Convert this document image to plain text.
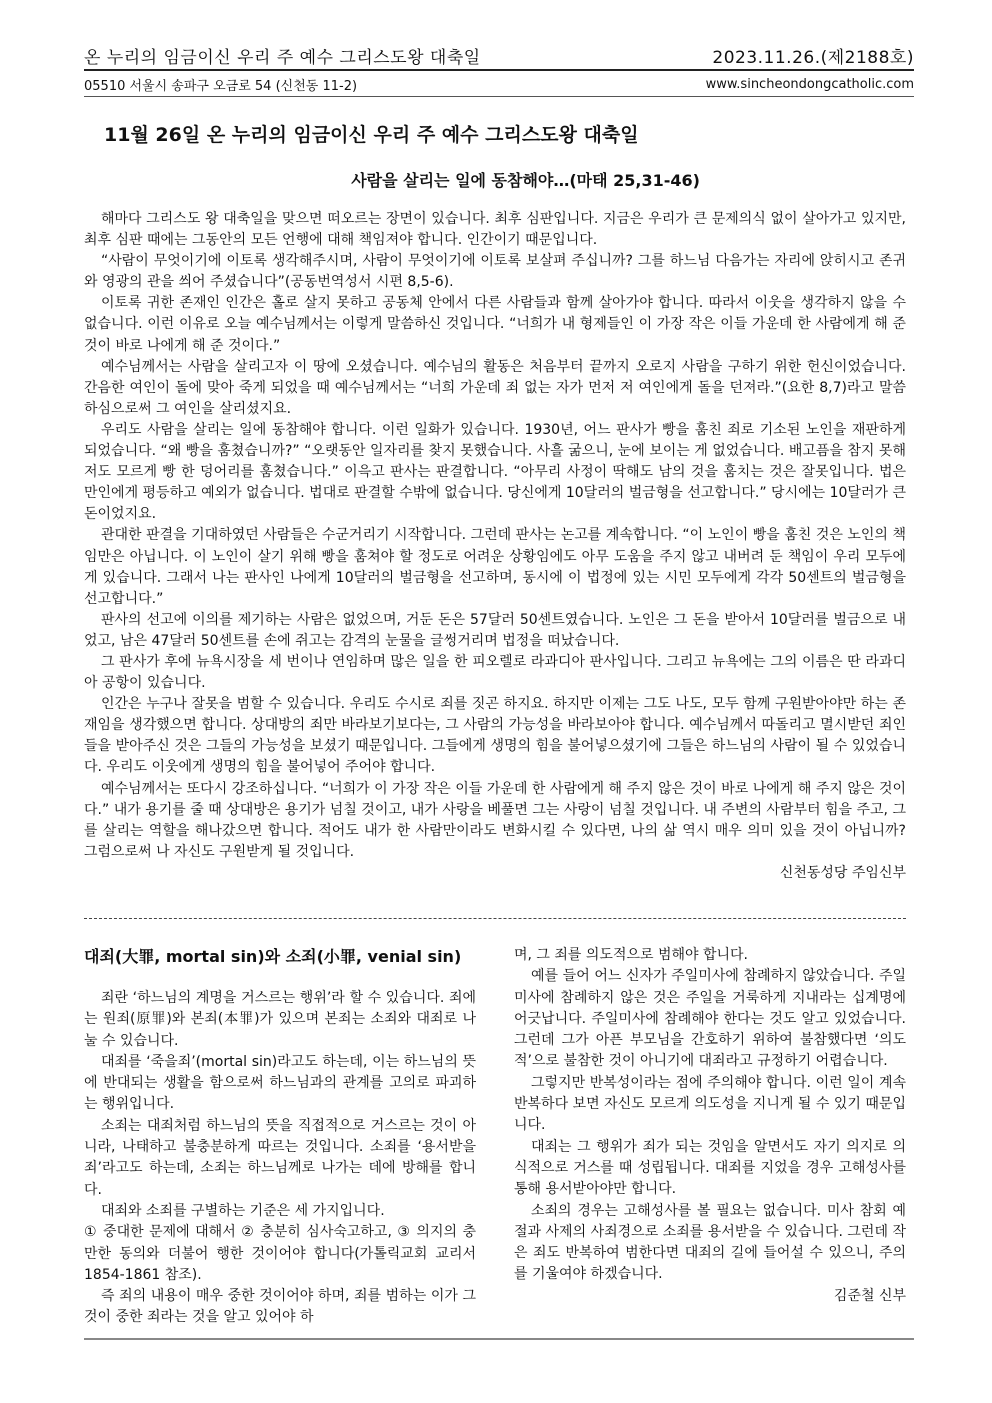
온 누리의 임금이신 우리 주 예수 그리스도왕 대축일	2023.11.26.(제2188호)
05510 서울시 송파구 오금로 54 (신천동 11-2)	www.sincheondongcatholic.com
11월 26일 온 누리의 임금이신 우리 주 예수 그리스도왕 대축일
사람을 살리는 일에 동참해야…(마태 25,31-46)

해마다 그리스도 왕 대축일을 맞으면 떠오르는 장면이 있습니다. 최후 심판입니다. 지금은 우리가 큰 문제의식 없이 살아가고 있지만, 최후 심판 때에는 그동안의 모든 언행에 대해 책임져야 합니다. 인간이기 때문입니다.

“사람이 무엇이기에 이토록 생각해주시며, 사람이 무엇이기에 이토록 보살펴 주십니까? 그를 하느님 다음가는 자리에 앉히시고 존귀와 영광의 관을 씌어 주셨습니다”(공동번역성서 시편 8,5-6).

이토록 귀한 존재인 인간은 홀로 살지 못하고 공동체 안에서 다른 사람들과 함께 살아가야 합니다. 따라서 이웃을 생각하지 않을 수 없습니다. 이런 이유로 오늘 예수님께서는 이렇게 말씀하신 것입니다. “너희가 내 형제들인 이 가장 작은 이들 가운데 한 사람에게 해 준 것이 바로 나에게 해 준 것이다.”

예수님께서는 사람을 살리고자 이 땅에 오셨습니다. 예수님의 활동은 처음부터 끝까지 오로지 사람을 구하기 위한 헌신이었습니다. 간음한 여인이 돌에 맞아 죽게 되었을 때 예수님께서는 “너희 가운데 죄 없는 자가 먼저 저 여인에게 돌을 던져라.”(요한 8,7)라고 말씀하심으로써 그 여인을 살리셨지요.

우리도 사람을 살리는 일에 동참해야 합니다. 이런 일화가 있습니다. 1930년, 어느 판사가 빵을 훔친 죄로 기소된 노인을 재판하게 되었습니다. “왜 빵을 훔쳤습니까?” “오랫동안 일자리를 찾지 못했습니다. 사흘 굶으니, 눈에 보이는 게 없었습니다. 배고픔을 참지 못해 저도 모르게 빵 한 덩어리를 훔쳤습니다.” 이윽고 판사는 판결합니다. “아무리 사정이 딱해도 남의 것을 훔치는 것은 잘못입니다. 법은 만인에게 평등하고 예외가 없습니다. 법대로 판결할 수밖에 없습니다. 당신에게 10달러의 벌금형을 선고합니다.” 당시에는 10달러가 큰돈이었지요.

관대한 판결을 기대하였던 사람들은 수군거리기 시작합니다. 그런데 판사는 논고를 계속합니다. “이 노인이 빵을 훔친 것은 노인의 책임만은 아닙니다. 이 노인이 살기 위해 빵을 훔쳐야 할 정도로 어려운 상황임에도 아무 도움을 주지 않고 내버려 둔 책임이 우리 모두에게 있습니다. 그래서 나는 판사인 나에게 10달러의 벌금형을 선고하며, 동시에 이 법정에 있는 시민 모두에게 각각 50센트의 벌금형을 선고합니다.”

판사의 선고에 이의를 제기하는 사람은 없었으며, 거둔 돈은 57달러 50센트였습니다. 노인은 그 돈을 받아서 10달러를 벌금으로 내었고, 남은 47달러 50센트를 손에 쥐고는 감격의 눈물을 글썽거리며 법정을 떠났습니다.

그 판사가 후에 뉴욕시장을 세 번이나 연임하며 많은 일을 한 피오렐로 라과디아 판사입니다. 그리고 뉴욕에는 그의 이름은 딴 라과디아 공항이 있습니다.

인간은 누구나 잘못을 범할 수 있습니다. 우리도 수시로 죄를 짓곤 하지요. 하지만 이제는 그도 나도, 모두 함께 구원받아야만 하는 존재임을 생각했으면 합니다. 상대방의 죄만 바라보기보다는, 그 사람의 가능성을 바라보아야 합니다. 예수님께서 따돌리고 멸시받던 죄인들을 받아주신 것은 그들의 가능성을 보셨기 때문입니다. 그들에게 생명의 힘을 불어넣으셨기에 그들은 하느님의 사람이 될 수 있었습니다. 우리도 이웃에게 생명의 힘을 불어넣어 주어야 합니다.

예수님께서는 또다시 강조하십니다. “너희가 이 가장 작은 이들 가운데 한 사람에게 해 주지 않은 것이 바로 나에게 해 주지 않은 것이다.” 내가 용기를 줄 때 상대방은 용기가 넘칠 것이고, 내가 사랑을 베풀면 그는 사랑이 넘칠 것입니다. 내 주변의 사람부터 힘을 주고, 그를 살리는 역할을 해나갔으면 합니다. 적어도 내가 한 사람만이라도 변화시킬 수 있다면, 나의 삶 역시 매우 의미 있을 것이 아닙니까? 그럼으로써 나 자신도 구원받게 될 것입니다.

신천동성당 주임신부

대죄(大罪, mortal sin)와 소죄(小罪, venial sin)

죄란 ‘하느님의 계명을 거스르는 행위’라 할 수 있습니다. 죄에는 원죄(原罪)와 본죄(本罪)가 있으며 본죄는 소죄와 대죄로 나눌 수 있습니다.

대죄를 ‘죽을죄’(mortal sin)라고도 하는데, 이는 하느님의 뜻에 반대되는 생활을 함으로써 하느님과의 관계를 고의로 파괴하는 행위입니다.

소죄는 대죄처럼 하느님의 뜻을 직접적으로 거스르는 것이 아니라, 나태하고 불충분하게 따르는 것입니다. 소죄를 ‘용서받을 죄’라고도 하는데, 소죄는 하느님께로 나가는 데에 방해를 합니다.

대죄와 소죄를 구별하는 기준은 세 가지입니다.

① 중대한 문제에 대해서 ② 충분히 심사숙고하고, ③ 의지의 충만한 동의와 더불어 행한 것이어야 합니다(가톨릭교회 교리서 1854-1861 참조).

즉 죄의 내용이 매우 중한 것이어야 하며, 죄를 범하는 이가 그것이 중한 죄라는 것을 알고 있어야 하

며, 그 죄를 의도적으로 범해야 합니다.

예를 들어 어느 신자가 주일미사에 참례하지 않았습니다. 주일미사에 참례하지 않은 것은 주일을 거룩하게 지내라는 십계명에 어긋납니다. 주일미사에 참례해야 한다는 것도 알고 있었습니다. 그런데 그가 아픈 부모님을 간호하기 위하여 불참했다면 ‘의도적’으로 불참한 것이 아니기에 대죄라고 규정하기 어렵습니다.

그렇지만 반복성이라는 점에 주의해야 합니다. 이런 일이 계속 반복하다 보면 자신도 모르게 의도성을 지니게 될 수 있기 때문입니다.

대죄는 그 행위가 죄가 되는 것임을 알면서도 자기 의지로 의식적으로 거스를 때 성립됩니다. 대죄를 지었을 경우 고해성사를 통해 용서받아야만 합니다.

소죄의 경우는 고해성사를 볼 필요는 없습니다. 미사 참회 예절과 사제의 사죄경으로 소죄를 용서받을 수 있습니다. 그런데 작은 죄도 반복하여 범한다면 대죄의 길에 들어설 수 있으니, 주의를 기울여야 하겠습니다.

김준철 신부
